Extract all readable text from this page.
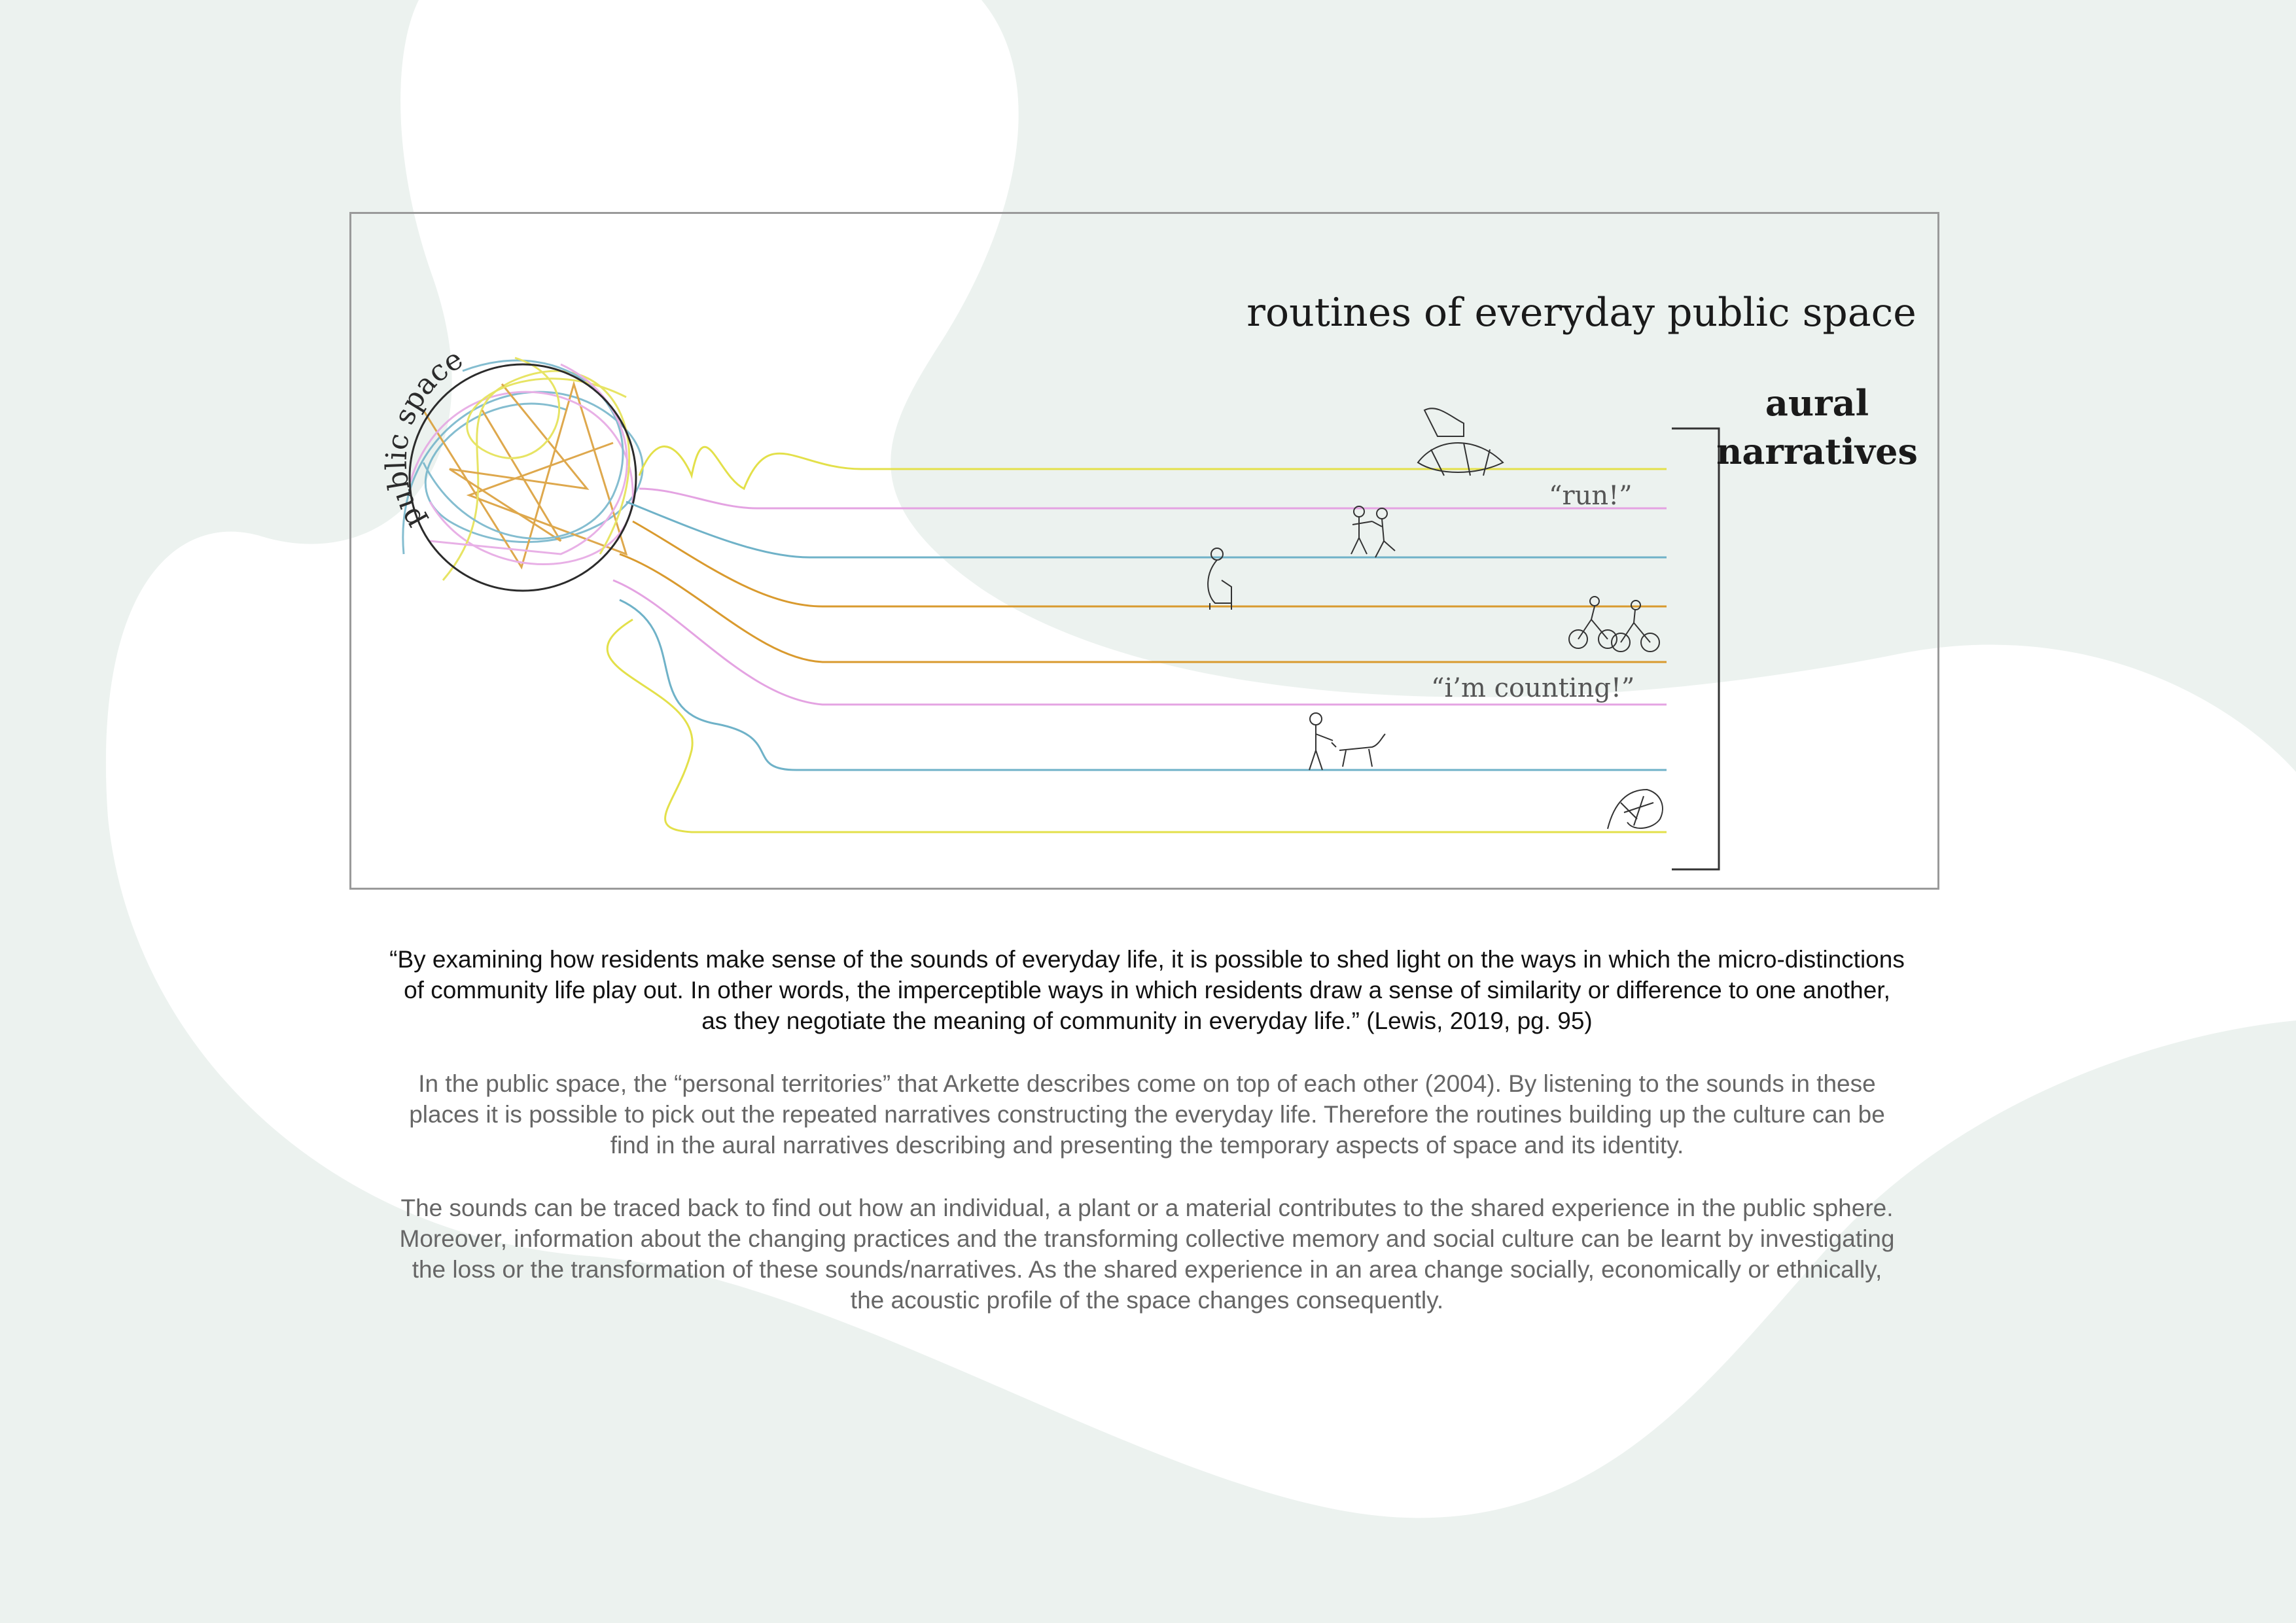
public space
routines of everyday public space
aural
narratives
“run!”
“i’m counting!”
“By examining how residents make sense of the sounds of everyday life, it is possible to shed light on the ways in which the micro-distinctions
of community life play out. In other words, the imperceptible ways in which residents draw a sense of similarity or difference to one another,
as they negotiate the meaning of community in everyday life.” (Lewis, 2019, pg. 95)
In the public space, the “personal territories” that Arkette describes come on top of each other (2004). By listening to the sounds in these
places it is possible to pick out the repeated narratives constructing the everyday life. Therefore the routines building up the culture can be
find in the aural narratives describing and presenting the temporary aspects of space and its identity.
The sounds can be traced back to find out how an individual, a plant or a material contributes to the shared experience in the public sphere.
Moreover, information about the changing practices and the transforming collective memory and social culture can be learnt by investigating
the loss or the transformation of these sounds/narratives. As the shared experience in an area change socially, economically or ethnically,
the acoustic profile of the space changes consequently.
